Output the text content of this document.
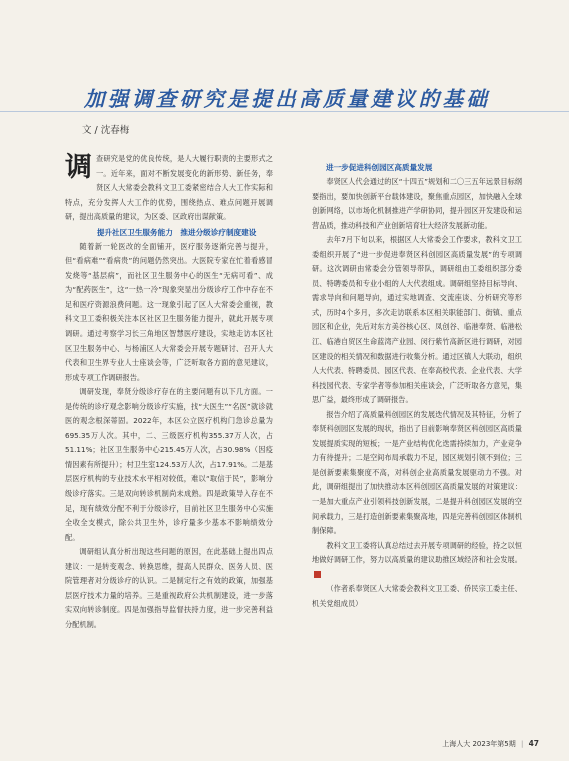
加强调查研究是提出高质量建议的基础
文 / 沈春梅

调查研究是党的优良传统，是人大履行职责的主要形式之一。近年来，面对不断发展变化的新形势、新任务，奉贤区人大常委会教科文卫工委紧密结合人大工作实际和特点，充分发挥人大工作的优势，围绕热点、难点问题开展调研，提出高质量的建议，为区委、区政府出谋献策。

提升社区卫生服务能力　推进分级诊疗制度建设

随着新一轮医改的全面铺开，医疗服务逐渐完善与提升，但“看病难”“看病贵”的问题仍然突出。大医院专家在忙着看感冒发烧等“基层病”，而社区卫生服务中心的医生“无病可看”、成为“配药医生”，这“一热一冷”现象突显出分级诊疗工作中存在不足和医疗资源浪费问题。这一现象引起了区人大常委会重视，教科文卫工委积极关注本区社区卫生服务能力提升，就此开展专项调研。通过考察学习长三角地区智慧医疗建设，实地走访本区社区卫生服务中心、与杨浦区人大常委会开展专题研讨、召开人大代表和卫生界专业人士座谈会等，广泛听取各方面的意见建议，形成专项工作调研报告。

调研发现，奉贤分级诊疗存在的主要问题有以下几方面。一是传统的诊疗观念影响分级诊疗实施，找“大医生”“名医”就诊就医的观念根深蒂固。2022年，本区公立医疗机构门急诊总量为695.35万人次。其中，二、三级医疗机构355.37万人次，占51.11%；社区卫生服务中心215.45万人次，占30.98%（因疫情因素有所提升）；村卫生室124.53万人次，占17.91%。二是基层医疗机构的专业技术水平相对较低，难以“取信于民”，影响分级诊疗落实。三是双向转诊机制尚未成熟。四是政策导入存在不足，现有绩效分配不利于分级诊疗，目前社区卫生服务中心实施全收全支模式，除公共卫生外，诊疗量多少基本不影响绩效分配。

调研组认真分析出现这些问题的原因，在此基础上提出四点建议：一是转变观念、转换思维，提高人民群众、医务人员、医院管理者对分级诊疗的认识。二是制定行之有效的政策，加强基层医疗技术力量的培养。三是重视政府公共机制建设，进一步落实双向转诊制度。四是加强指导监督扶持力度，进一步完善利益分配机制。

进一步促进科创园区高质量发展

奉贤区人代会通过的区“十四五”规划和二〇三五年远景目标纲要指出，要加快创新平台载体建设，聚焦重点园区，加快融入全球创新网络，以市场化机制推进产学研协同，提升园区开发建设和运营品质，推动科技和产业创新培育壮大经济发展新动能。

去年7月下旬以来，根据区人大常委会工作要求，教科文卫工委组织开展了“进一步促进奉贤区科创园区高质量发展”的专项调研。这次调研由常委会分管领导带队，调研组由工委组织部分委员、特聘委员和专业小组的人大代表组成。调研组坚持目标导向、需求导向和问题导向，通过实地调查、交流座谈、分析研究等形式，历时4个多月，多次走访联系本区相关职能部门、街镇、重点园区和企业，先后对东方美谷核心区、凤创谷、临港奉贤、临港松江、临港自贸区生命蓝湾产业园、闵行紫竹高新区进行调研，对园区建设的相关情况和数据进行收集分析。通过区镇人大联动，组织人大代表、特聘委员、园区代表、在奉高校代表、企业代表、大学科技园代表、专家学者等参加相关座谈会，广泛听取各方意见，集思广益，最终形成了调研报告。

报告介绍了高质量科创园区的发展迭代情况及其特征，分析了奉贤科创园区发展的现状，指出了目前影响奉贤区科创园区高质量发展提质实现的短板；一是产业结构优化迭需持续加力，产业竞争力有待提升；二是空间布局承载力不足，园区规划引领不到位；三是创新要素集聚度不高，对科创企业高质量发展驱动力不强。对此，调研组提出了加快推动本区科创园区高质量发展的对策建议：一是加大重点产业引领科技创新发展，二是提升科创园区发展的空间承载力，三是打造创新要素集聚高地，四是完善科创园区体制机制保障。

教科文卫工委将认真总结过去开展专项调研的经验，持之以恒地做好调研工作，努力以高质量的建议助推区域经济和社会发展。

（作者系奉贤区人大常委会教科文卫工委、侨民宗工委主任、机关党组成员）

上海人大 2023年第5期 | 47
